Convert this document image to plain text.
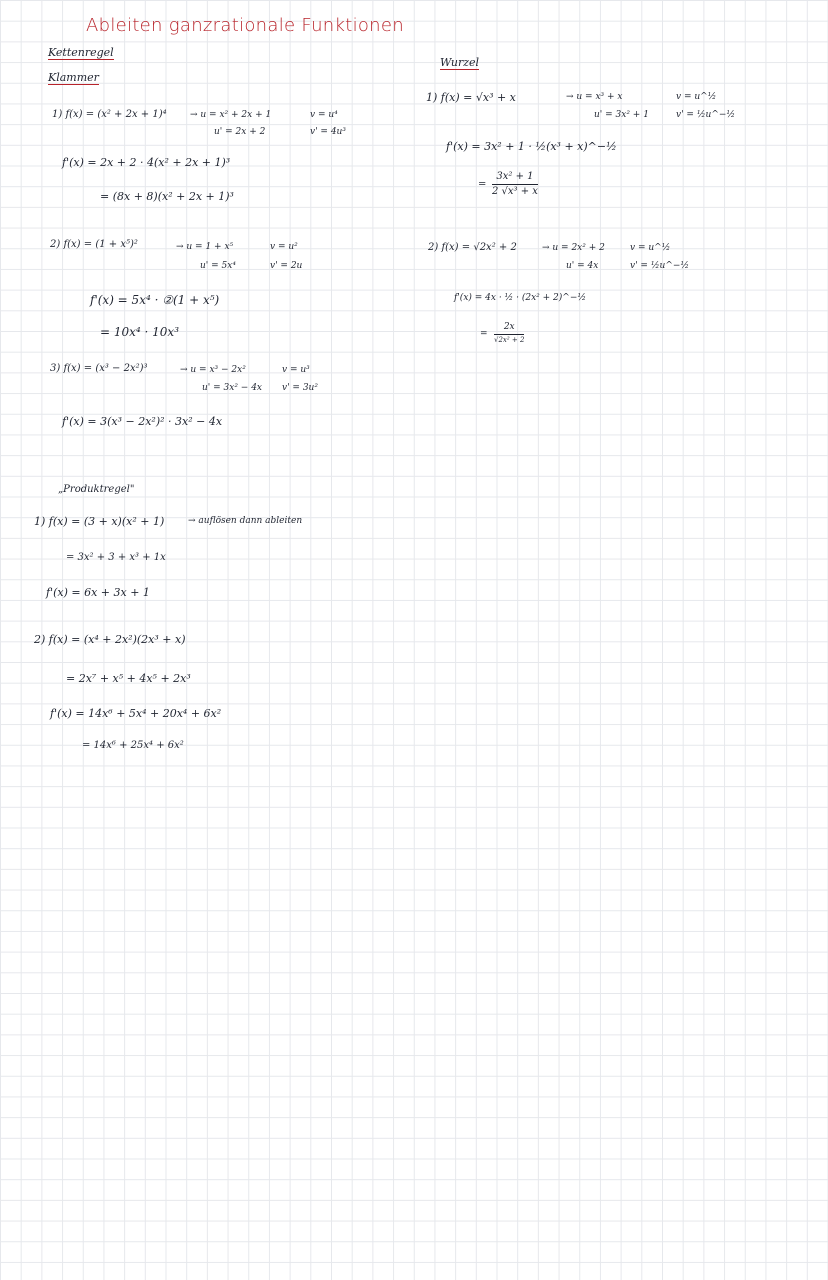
Ableiten ganzrationale Funktionen
Kettenregel
Klammer
1) f(x) = (x² + 2x + 1)⁴	→ u = x² + 2x + 1
u' = 2x + 2
v = u⁴
v' = 4u³
f'(x) = 2x + 2 · 4(x² + 2x + 1)³
= (8x + 8)(x² + 2x + 1)³
2) f(x) = (1 + x⁵)²	→ u = 1 + x⁵
u' = 5x⁴
v = u²
v' = 2u
f'(x) = 5x⁴ · ②(1 + x⁵)
= 10x⁴ · 10x³
3) f(x) = (x³ − 2x²)³	→ u = x³ − 2x²
u' = 3x² − 4x
v = u³
v' = 3u²
f'(x) = 3(x³ − 2x²)² · 3x² − 4x
Wurzel
1) f(x) = √x³ + x	→ u = x³ + x
u' = 3x² + 1
v = u^½
v' = ½u^−½
f'(x) = 3x² + 1 · ½(x³ + x)^−½
= $\frac{\text{3x² + 1}}{\text{2 √x³ + x}}$
2) f(x) = √2x² + 2	→ u = 2x² + 2
u' = 4x
v = u^½
v' = ½u^−½
f'(x) = 4x · ½ · (2x² + 2)^−½
=
2x
√2x² + 2
„Produktregel"
1) f(x) = (3 + x)(x² + 1)	→ auflösen dann ableiten
= 3x² + 3 + x³ + 1x
f'(x) = 6x + 3x + 1
2) f(x) = (x⁴ + 2x²)(2x³ + x)
= 2x⁷ + x⁵ + 4x⁵ + 2x³
f'(x) = 14x⁶ + 5x⁴ + 20x⁴ + 6x²
= 14x⁶ + 25x⁴ + 6x²
